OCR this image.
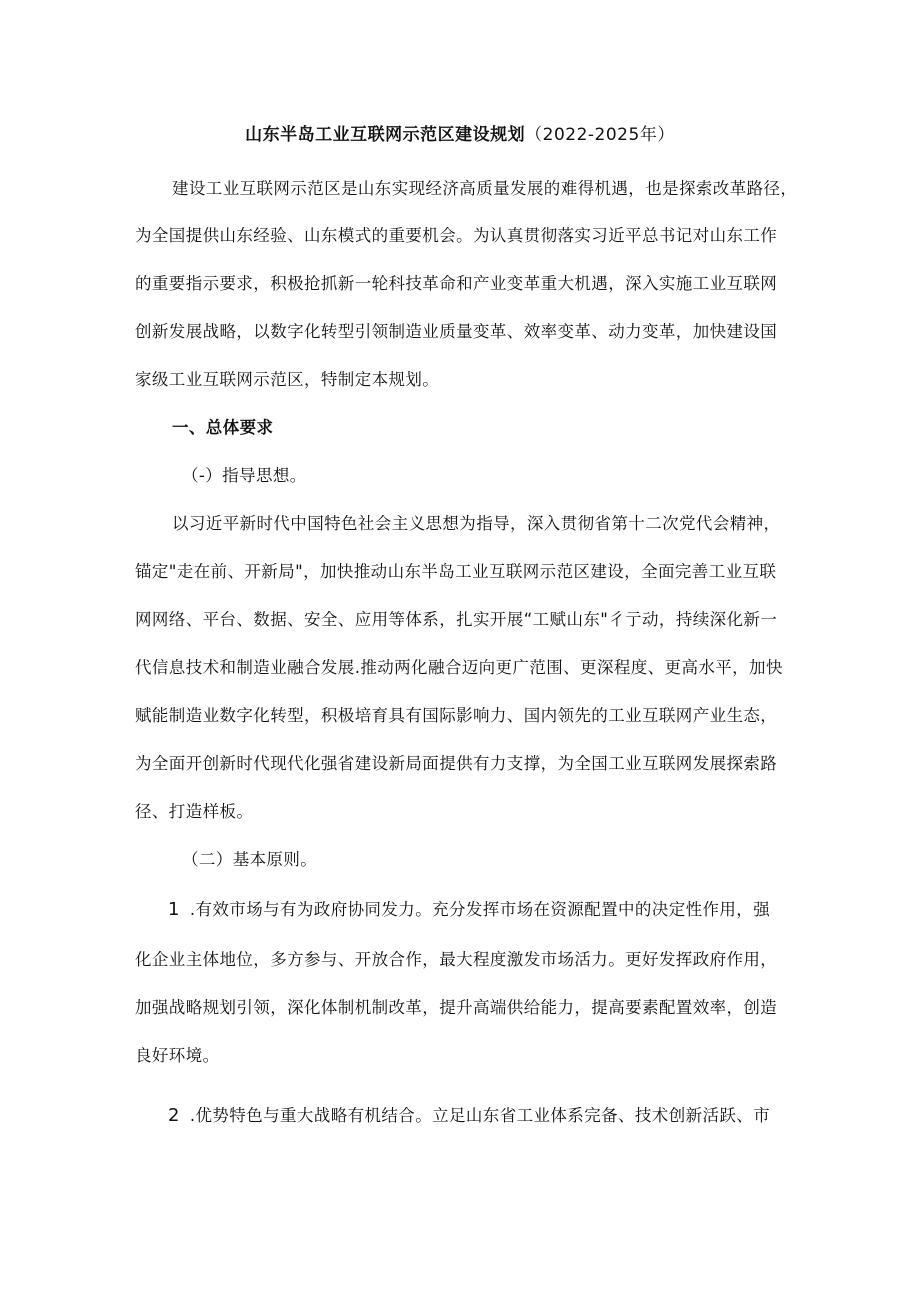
山东半岛工业互联网示范区建设规划（2022-2025年）
建设工业互联网示范区是山东实现经济高质量发展的难得机遇，也是探索改革路径，
为全国提供山东经验、山东模式的重要机会。为认真贯彻落实习近平总书记对山东工作
的重要指示要求，积极抢抓新一轮科技革命和产业变革重大机遇，深入实施工业互联网
创新发展战略，以数字化转型引领制造业质量变革、效率变革、动力变革，加快建设国
家级工业互联网示范区，特制定本规划。
一、总体要求
（-）指导思想。
以习近平新时代中国特色社会主义思想为指导，深入贯彻省第十二次党代会精神，
锚定"走在前、开新局"，加快推动山东半岛工业互联网示范区建设，全面完善工业互联
网网络、平台、数据、安全、应用等体系，扎实开展“工赋山东"彳亍动，持续深化新一
代信息技术和制造业融合发展.推动两化融合迈向更广范围、更深程度、更高水平，加快
赋能制造业数字化转型，积极培育具有国际影响力、国内领先的工业互联网产业生态，
为全面开创新时代现代化强省建设新局面提供有力支撑，为全国工业互联网发展探索路
径、打造样板。
（二）基本原则。
1 .有效市场与有为政府协同发力。充分发挥市场在资源配置中的决定性作用，强
化企业主体地位，多方参与、开放合作，最大程度激发市场活力。更好发挥政府作用，
加强战略规划引领，深化体制机制改革，提升高端供给能力，提高要素配置效率，创造
良好环境。
2 .优势特色与重大战略有机结合。立足山东省工业体系完备、技术创新活跃、市
